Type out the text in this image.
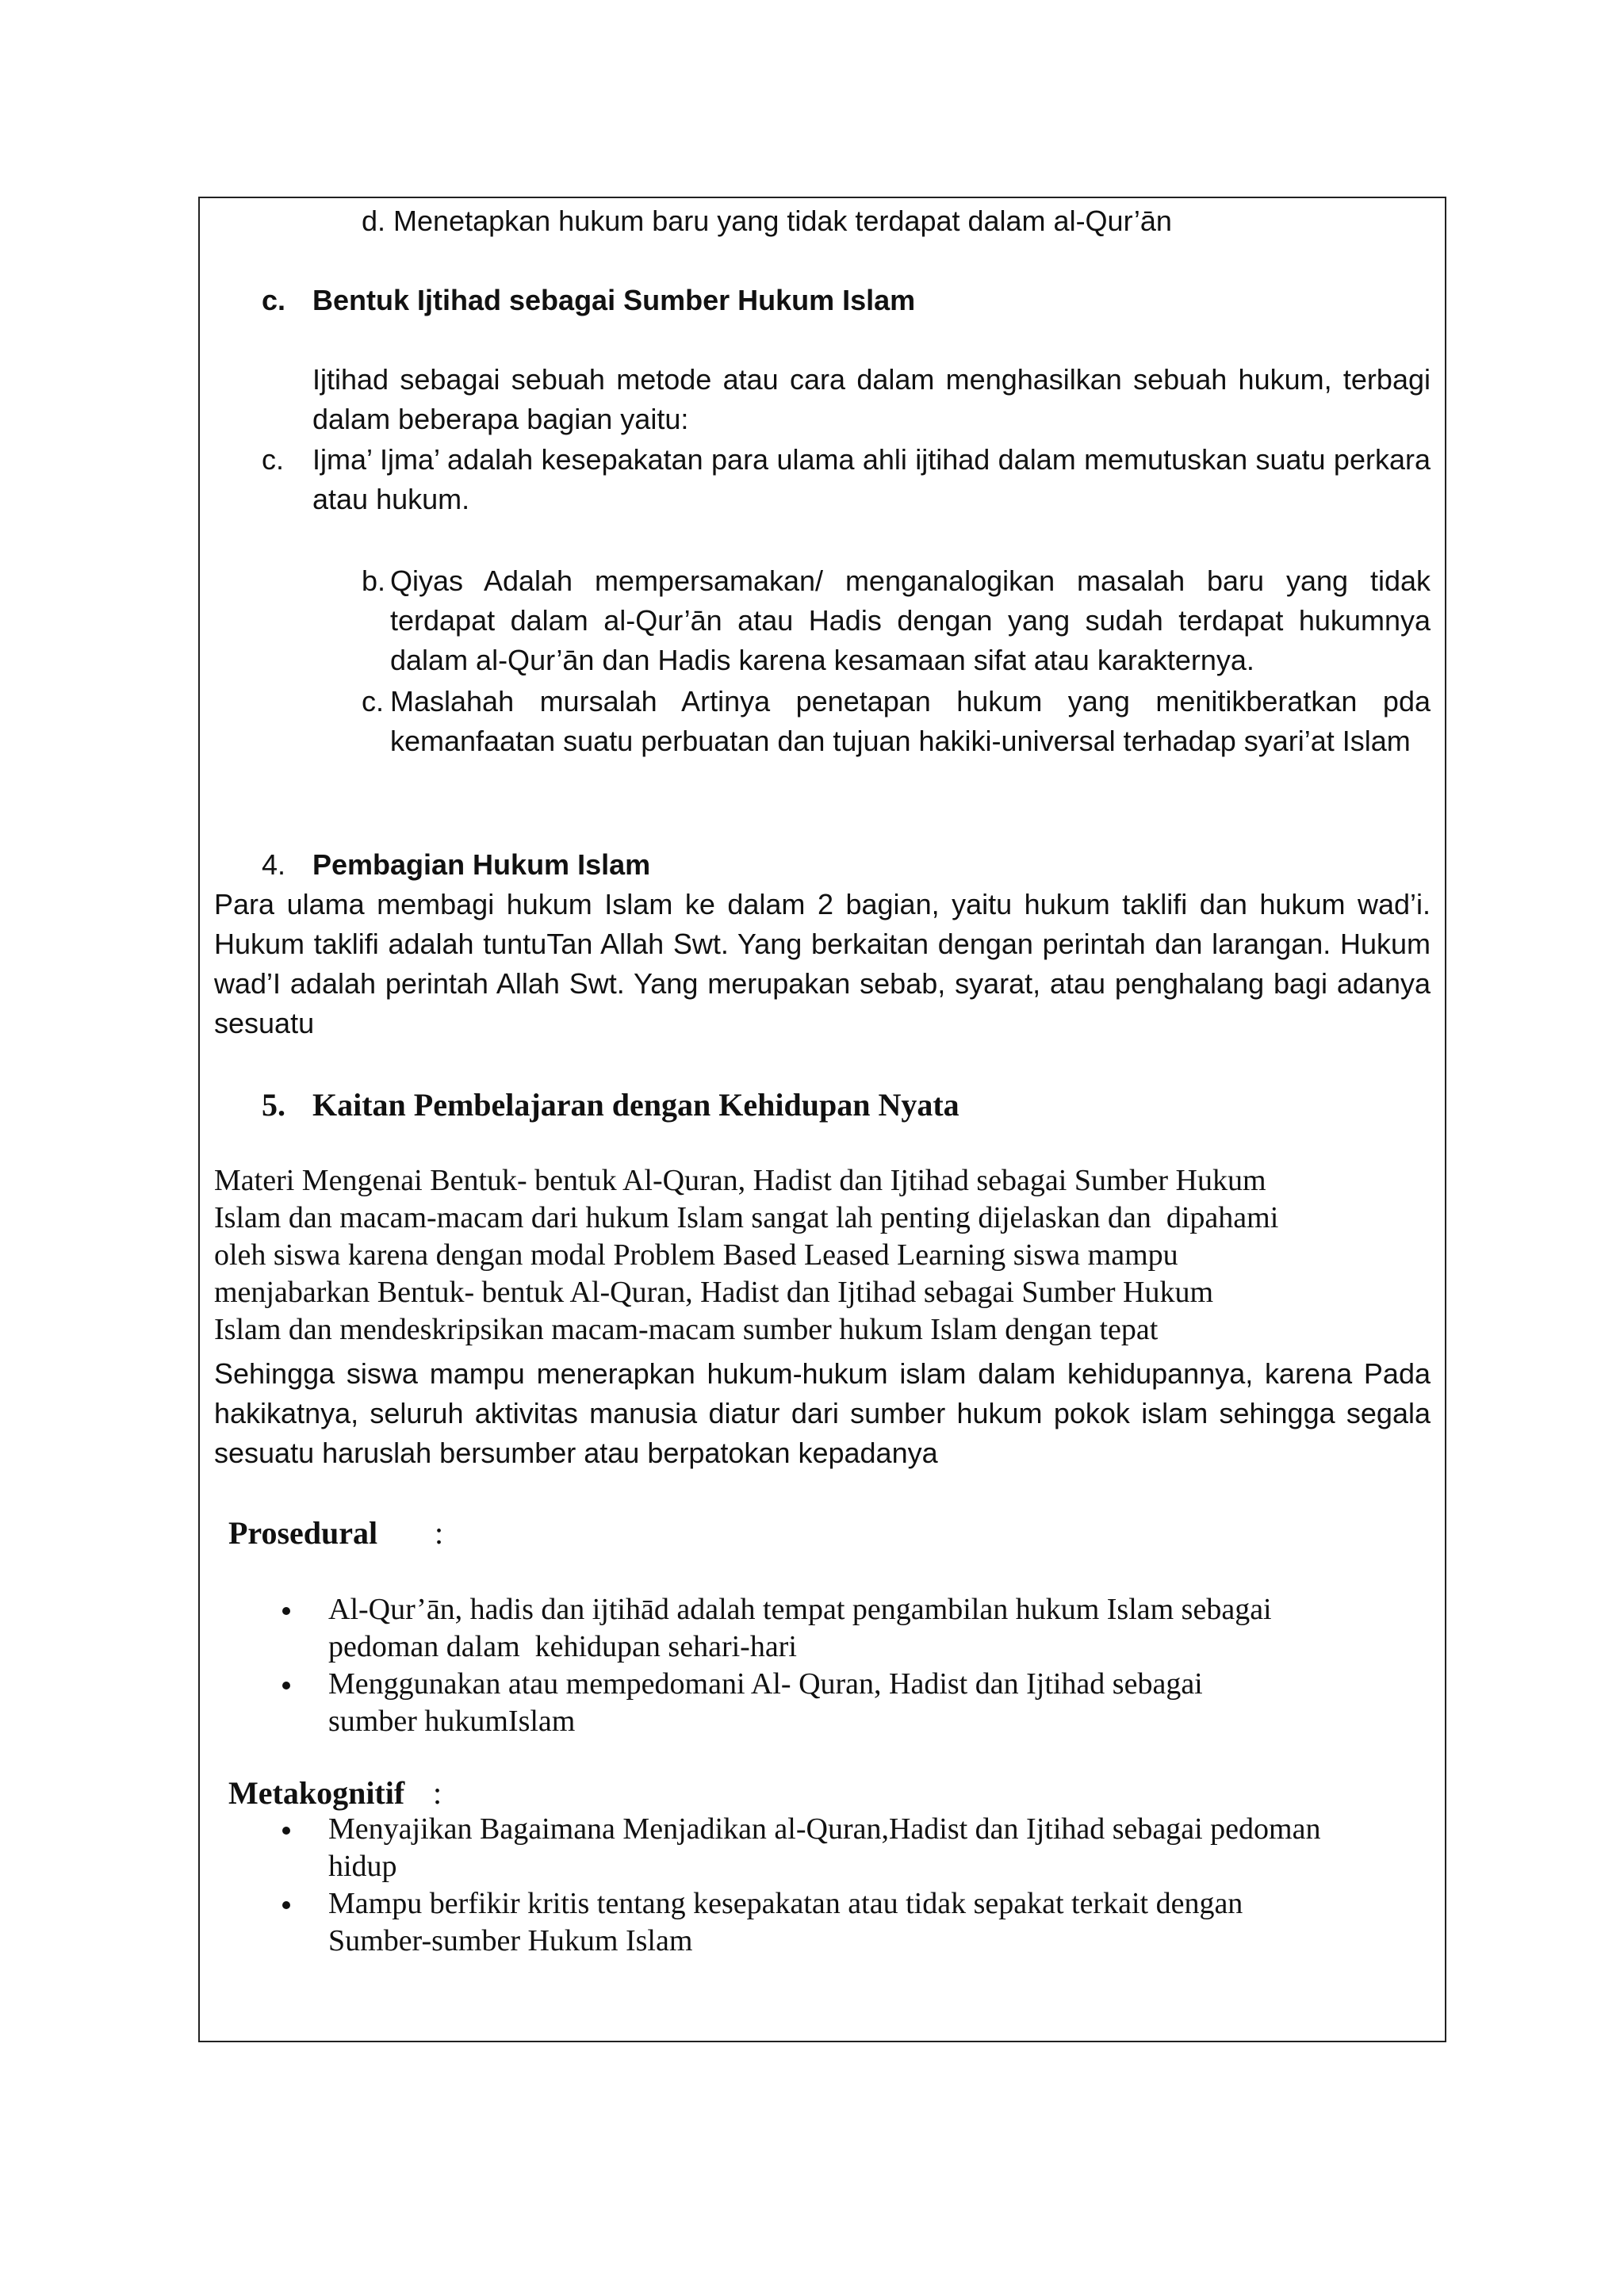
d. Menetapkan hukum baru yang tidak terdapat dalam al-Qur’ān

c. Bentuk Ijtihad sebagai Sumber Hukum Islam

Ijtihad sebagai sebuah metode atau cara dalam menghasilkan sebuah hukum, terbagi dalam beberapa bagian yaitu:

c. Ijma’ Ijma’ adalah kesepakatan para ulama ahli ijtihad dalam memutuskan suatu perkara atau hukum.
b. Qiyas Adalah mempersamakan/ menganalogikan masalah baru yang tidak terdapat dalam al-Qur’ān atau Hadis dengan yang sudah terdapat hukumnya dalam al-Qur’ān dan Hadis karena kesamaan sifat atau karakternya.
c. Maslahah mursalah Artinya penetapan hukum yang menitikberatkan pda kemanfaatan suatu perbuatan dan tujuan hakiki-universal terhadap syari’at Islam
4. Pembagian Hukum Islam

Para ulama membagi hukum Islam ke dalam 2 bagian, yaitu hukum taklifi dan hukum wad’i. Hukum taklifi adalah tuntuTan Allah Swt. Yang berkaitan dengan perintah dan larangan. Hukum wad’I adalah perintah Allah Swt. Yang merupakan sebab, syarat, atau penghalang bagi adanya sesuatu

5. Kaitan Pembelajaran dengan Kehidupan Nyata
Materi Mengenai Bentuk- bentuk Al-Quran, Hadist dan Ijtihad sebagai Sumber Hukum
Islam dan macam-macam dari hukum Islam sangat lah penting dijelaskan dan  dipahami
oleh siswa karena dengan modal Problem Based Leased Learning siswa mampu
menjabarkan Bentuk- bentuk Al-Quran, Hadist dan Ijtihad sebagai Sumber Hukum
Islam dan mendeskripsikan macam-macam sumber hukum Islam dengan tepat

Sehingga siswa mampu menerapkan hukum-hukum islam dalam kehidupannya, karena Pada hakikatnya, seluruh aktivitas manusia diatur dari sumber hukum pokok islam sehingga segala sesuatu haruslah bersumber atau berpatokan kepadanya

Prosedural :
Al-Qur’ān, hadis dan ijtihād adalah tempat pengambilan hukum Islam sebagai
pedoman dalam  kehidupan sehari-hari
Menggunakan atau mempedomani Al- Quran, Hadist dan Ijtihad sebagai
sumber hukumIslam
Metakognitif :
Menyajikan Bagaimana Menjadikan al-Quran,Hadist dan Ijtihad sebagai pedoman
hidup
Mampu berfikir kritis tentang kesepakatan atau tidak sepakat terkait dengan
Sumber-sumber Hukum Islam
